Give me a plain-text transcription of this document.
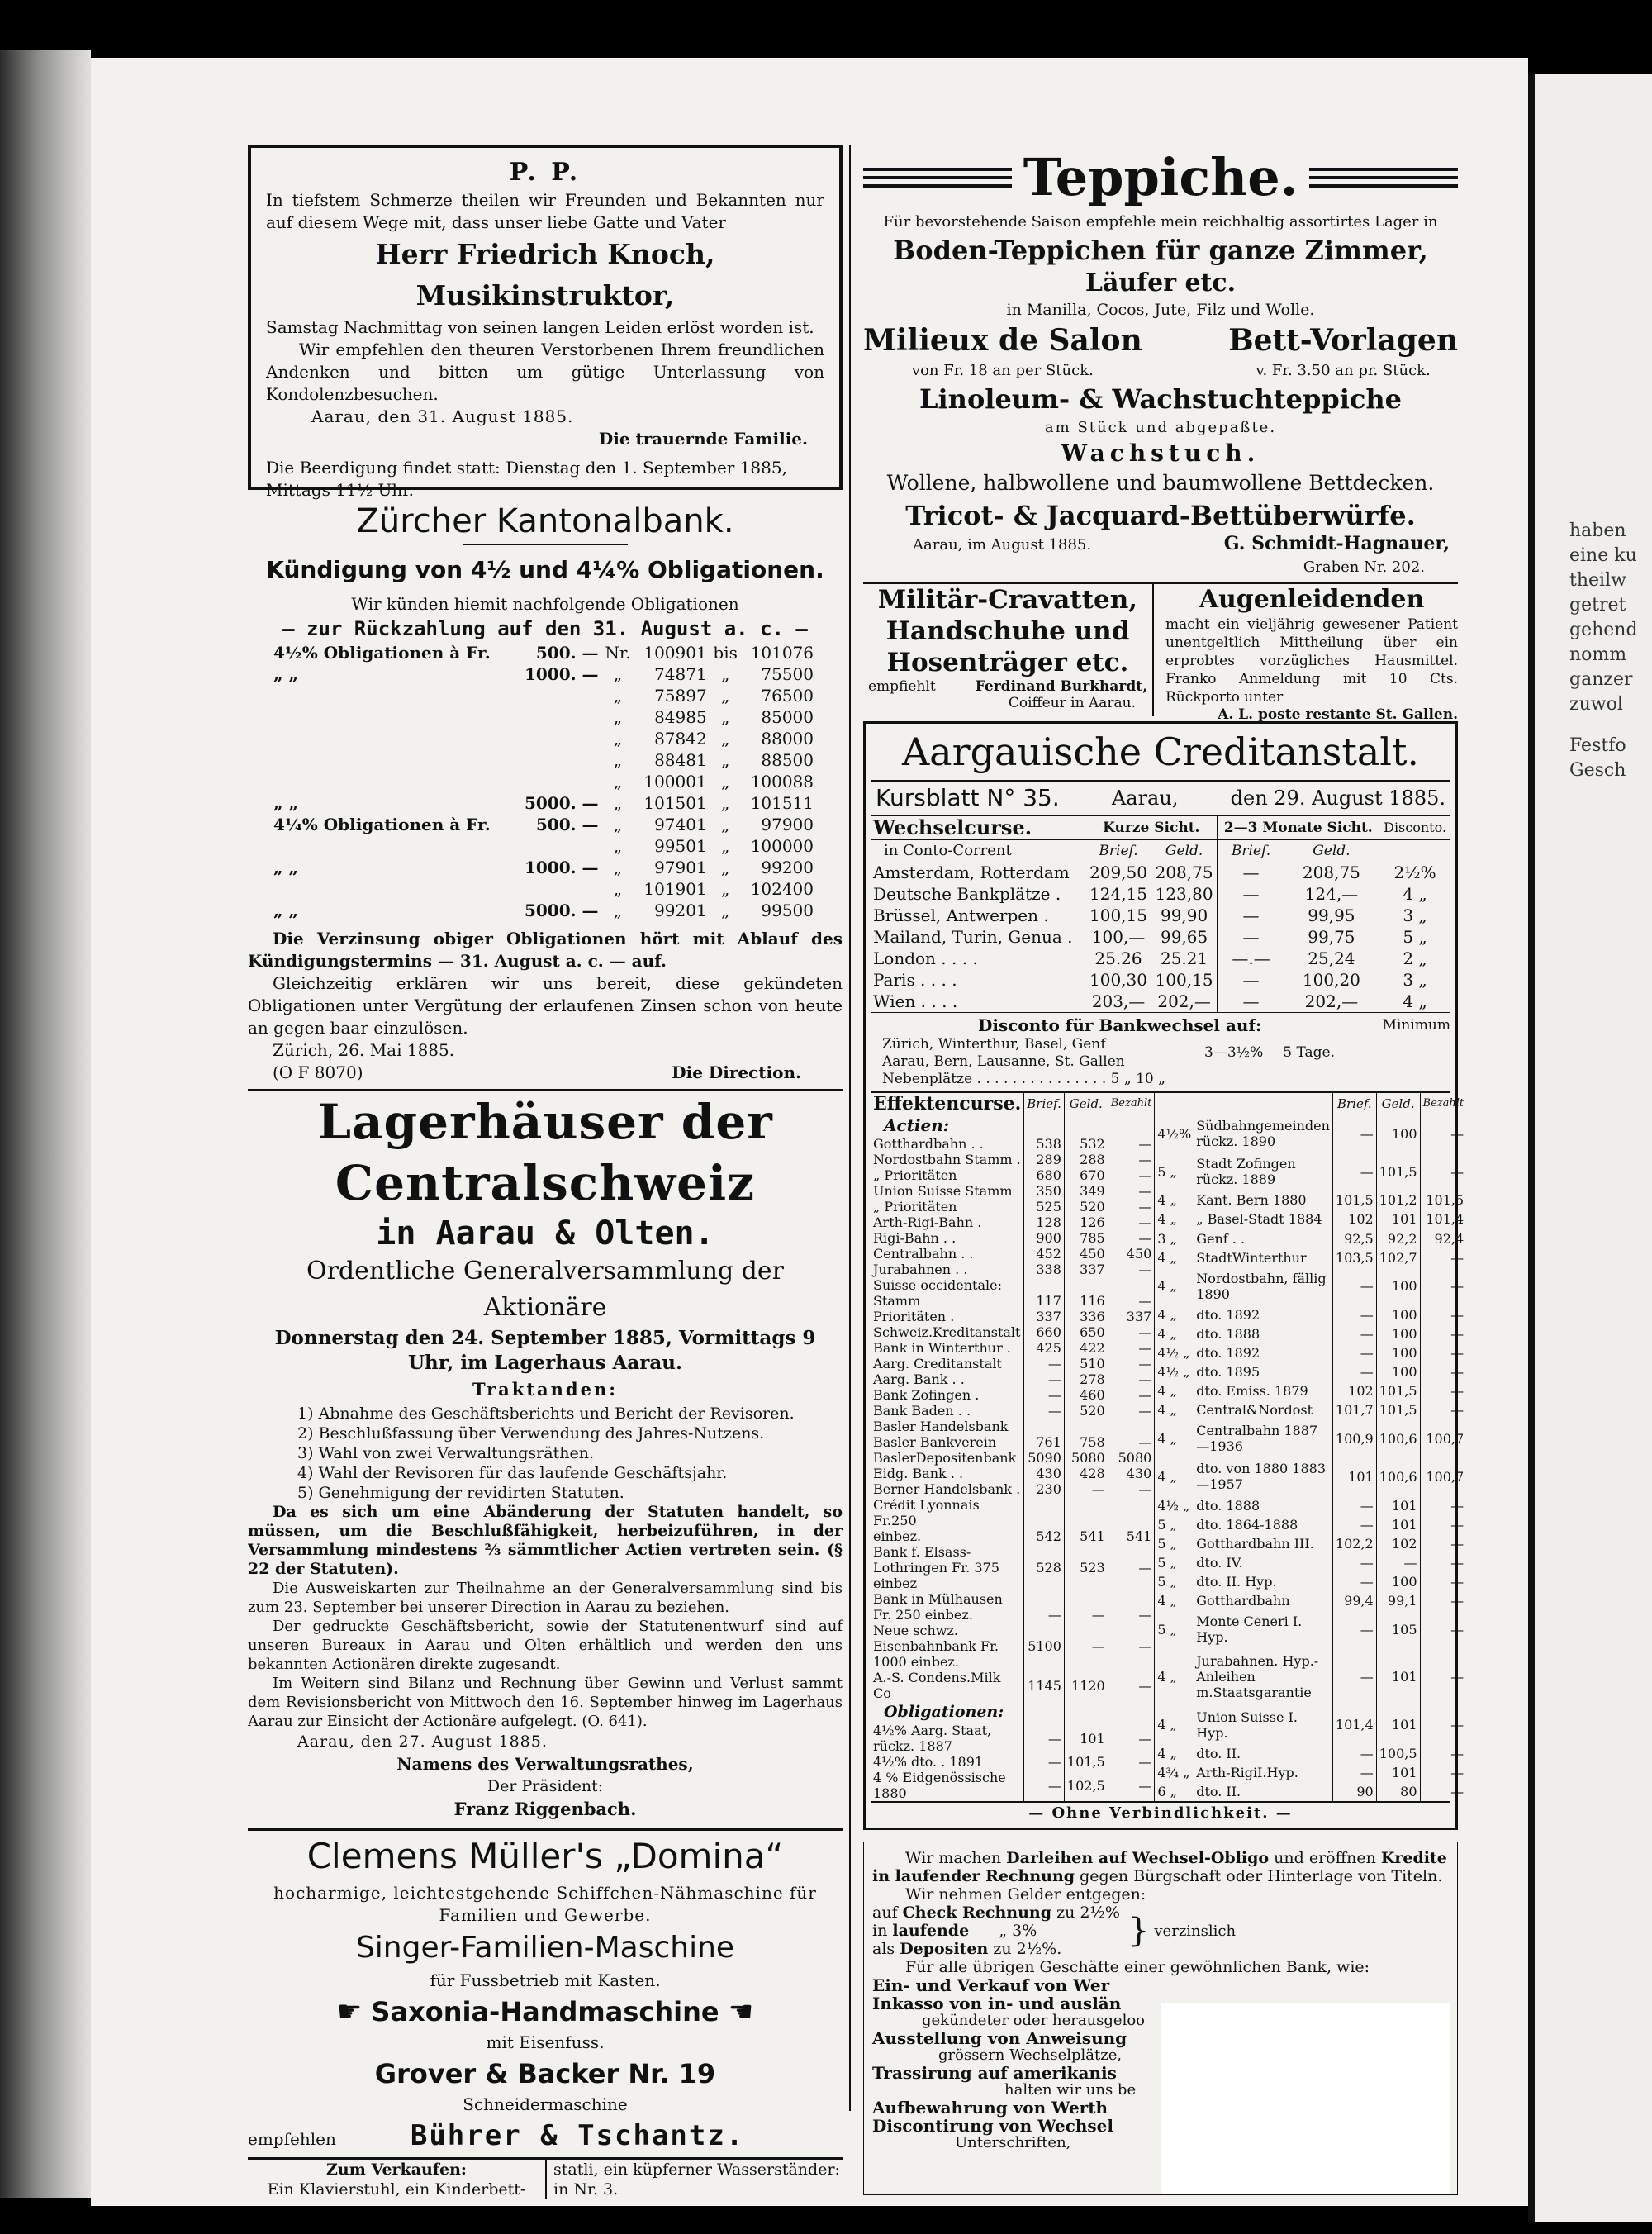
haben
eine ku
theilw
getret
gehend
nomm
ganzer
zuwol
Festfo
Gesch
P. P.
In tiefstem Schmerze theilen wir Freunden und Bekannten nur auf diesem Wege mit, dass unser liebe Gatte und Vater
Herr Friedrich Knoch, Musikinstruktor,
Samstag Nachmittag von seinen langen Leiden erlöst worden ist.
Wir empfehlen den theuren Verstorbenen Ihrem freundlichen Andenken und bitten um gütige Unterlassung von Kondolenzbesuchen.
Aarau, den 31. August 1885.
Die trauernde Familie.
Die Beerdigung findet statt: Dienstag den 1. September 1885, Mittags 11½ Uhr.
Zürcher Kantonalbank.
Kündigung von 4½ und 4¼% Obligationen.
Wir künden hiemit nachfolgende Obligationen
— zur Rückzahlung auf den 31. August a. c. —
4½% Obligationen à Fr.	500. —	Nr.	100901	bis	101076
„ „	1000. —	„	74871	„	75500
		„	75897	„	76500
		„	84985	„	85000
		„	87842	„	88000
		„	88481	„	88500
		„	100001	„	100088
„ „	5000. —	„	101501	„	101511
4¼% Obligationen à Fr.	500. —	„	97401	„	97900
		„	99501	„	100000
„ „	1000. —	„	97901	„	99200
		„	101901	„	102400
„ „	5000. —	„	99201	„	99500
Die Verzinsung obiger Obligationen hört mit Ablauf des Kündigungstermins — 31. August a. c. — auf.
Gleichzeitig erklären wir uns bereit, diese gekündeten Obligationen unter Vergütung der erlaufenen Zinsen schon von heute an gegen baar einzulösen.
Zürich, 26. Mai 1885.
(O F 8070)	Die Direction.
Lagerhäuser der Centralschweiz
in Aarau & Olten.
Ordentliche Generalversammlung der Aktionäre
Donnerstag den 24. September 1885, Vormittags 9 Uhr, im Lagerhaus Aarau.
Traktanden:
1) Abnahme des Geschäftsberichts und Bericht der Revisoren.
2) Beschlußfassung über Verwendung des Jahres-Nutzens.
3) Wahl von zwei Verwaltungsräthen.
4) Wahl der Revisoren für das laufende Geschäftsjahr.
5) Genehmigung der revidirten Statuten.
Da es sich um eine Abänderung der Statuten handelt, so müssen, um die Beschlußfähigkeit, herbeizuführen, in der Versammlung mindestens ⅔ sämmtlicher Actien vertreten sein. (§ 22 der Statuten).
Die Ausweiskarten zur Theilnahme an der Generalversammlung sind bis zum 23. September bei unserer Direction in Aarau zu beziehen.
Der gedruckte Geschäftsbericht, sowie der Statutenentwurf sind auf unseren Bureaux in Aarau und Olten erhältlich und werden den uns bekannten Actionären direkte zugesandt.
Im Weitern sind Bilanz und Rechnung über Gewinn und Verlust sammt dem Revisionsbericht von Mittwoch den 16. September hinweg im Lagerhaus Aarau zur Einsicht der Actionäre aufgelegt. (O. 641).
Aarau, den 27. August 1885.
Namens des Verwaltungsrathes,
Der Präsident:
Franz Riggenbach.
Clemens Müller's „Domina“
hocharmige, leichtestgehende Schiffchen-Nähmaschine für Familien und Gewerbe.
Singer-Familien-Maschine
für Fussbetrieb mit Kasten.
☛ Saxonia-Handmaschine ☚
mit Eisenfuss.
Grover & Backer Nr. 19
Schneidermaschine
empfehlen	Bührer & Tschantz.
Zum Verkaufen:
Ein Klavierstuhl, ein Kinderbett-
statli, ein küpferner Wasserständer:
in Nr. 3.
Teppiche.
Für bevorstehende Saison empfehle mein reichhaltig assortirtes Lager in
Boden-Teppichen für ganze Zimmer,
Läufer etc.
in Manilla, Cocos, Jute, Filz und Wolle.
Milieux de Salon
von Fr. 18 an per Stück.
Bett-Vorlagen
v. Fr. 3.50 an pr. Stück.
Linoleum- & Wachstuchteppiche
am Stück und abgepaßte.
Wachstuch.
Wollene, halbwollene und baumwollene Bettdecken.
Tricot- & Jacquard-Bettüberwürfe.
Aarau, im August 1885.	G. Schmidt-Hagnauer,
Graben Nr. 202.
Militär-Cravatten,
Handschuhe und
Hosenträger etc.
empfiehlt	Ferdinand Burkhardt,
Coiffeur in Aarau.
Augenleidenden
macht ein vieljährig gewesener Patient unentgeltlich Mittheilung über ein erprobtes vorzügliches Hausmittel. Franko Anmeldung mit 10 Cts. Rückporto unter
A. L. poste restante St. Gallen.
Aargauische Creditanstalt.
Kursblatt N° 35.	Aarau,	den 29. August 1885.
Wechselcurse.	Kurze Sicht.		2—3 Monate Sicht.		Disconto.
in Conto-Corrent	Brief.	Geld.	Brief.	Geld.	
Amsterdam, Rotterdam	209,50	208,75	—	208,75	2½%
Deutsche Bankplätze .	124,15	123,80	—	124,—	4 „
Brüssel, Antwerpen .	100,15	99,90	—	99,95	3 „
Mailand, Turin, Genua .	100,—	99,65	—	99,75	5 „
London . . . .	25.26	25.21	—.—	25,24	2 „
Paris . . . .	100,30	100,15	—	100,20	3 „
Wien . . . .	203,—	202,—	—	202,—	4 „
Disconto für Bankwechsel auf:	Minimum
Zürich, Winterthur, Basel, Genf
Aarau, Bern, Lausanne, St. Gallen
3—3½% 5 Tage.
Nebenplätze . . . . . . . . . . . . . . . 5 „ 10 „
Effektencurse.	Brief.	Geld.	Bezahlt
Actien:			
Gotthardbahn . .	538	532	—
Nordostbahn Stamm .	289	288	—
„ Prioritäten	680	670	—
Union Suisse Stamm	350	349	—
„ Prioritäten	525	520	—
Arth-Rigi-Bahn .	128	126	—
Rigi-Bahn . .	900	785	—
Centralbahn . .	452	450	450
Jurabahnen . .	338	337	—
Suisse occidentale:			
Stamm	117	116	—
Prioritäten .	337	336	337

Schweiz.Kreditanstalt	660	650	—
Bank in Winterthur .	425	422	—
Aarg. Creditanstalt	—	510	—
Aarg. Bank . .	—	278	—
Bank Zofingen .	—	460	—
Bank Baden . .	—	520	—
Basler Handelsbank			
Basler Bankverein	761	758	—
BaslerDepositenbank	5090	5080	5080
Eidg. Bank . .	430	428	430
Berner Handelsbank .	230	—	—
Crédit Lyonnais Fr.250			
einbez.	542	541	541
Bank f. Elsass-Lothringen Fr. 375 einbez	528	523	—
Bank in Mülhausen			
Fr. 250 einbez.	—	—	—
Neue schwz. Eisenbahnbank Fr. 1000 einbez.	5100	—	—
A.-S. Condens.Milk Co	1145	1120	—
Obligationen:			
4½% Aarg. Staat, rückz. 1887	—	101	—
4½% dto. . 1891	—	101,5	—
4 % Eidgenössische 1880	—	102,5	—
		Brief.	Geld.	Bezahlt
4½%	Südbahngemeinden rückz. 1890	—	100	—
5 „	Stadt Zofingen rückz. 1889	—	101,5	—
4 „	Kant. Bern 1880	101,5	101,2	101,5
4 „	„ Basel-Stadt 1884	102	101	101,4
3 „	Genf . .	92,5	92,2	92,4
4 „	StadtWinterthur	103,5	102,7	—
4 „	Nordostbahn, fällig 1890	—	100	—
4 „	dto. 1892	—	100	—
4 „	dto. 1888	—	100	—
4½ „	dto. 1892	—	100	—
4½ „	dto. 1895	—	100	—
4 „	dto. Emiss. 1879	102	101,5	—
4 „	Central&Nordost	101,7	101,5	—
4 „	Centralbahn 1887—1936	100,9	100,6	100,7
4 „	dto. von 1880 1883—1957	101	100,6	100,7
4½ „	dto. 1888	—	101	—
5 „	dto. 1864-1888	—	101	—
5 „	Gotthardbahn III.	102,2	102	—
5 „	dto. IV.	—	—	—
5 „	dto. II. Hyp.	—	100	—
4 „	Gotthardbahn	99,4	99,1	—
5 „	Monte Ceneri I. Hyp.	—	105	—
4 „	Jurabahnen. Hyp.-Anleihen m.Staatsgarantie	—	101	—
4 „	Union Suisse I. Hyp.	101,4	101	—
4 „	dto. II.	—	100,5	—
4¾ „	Arth-RigiI.Hyp.	—	101	—
6 „	dto. II.	90	80	—
— Ohne Verbindlichkeit. —
Wir machen Darleihen auf Wechsel-Obligo und eröffnen Kredite in laufender Rechnung gegen Bürgschaft oder Hinterlage von Titeln.
Wir nehmen Gelder entgegen:
auf Check Rechnung zu 2½%
in laufende „ 3%
als Depositen zu 2½%.	} verzinslich
Für alle übrigen Geschäfte einer gewöhnlichen Bank, wie:
Ein- und Verkauf von Wer
Inkasso von in- und auslän
gekündeter oder herausgeloo
Ausstellung von Anweisung
grössern Wechselplätze,
Trassirung auf amerikanis
halten wir uns be
Aufbewahrung von Werth
Discontirung von Wechsel
Unterschriften,
